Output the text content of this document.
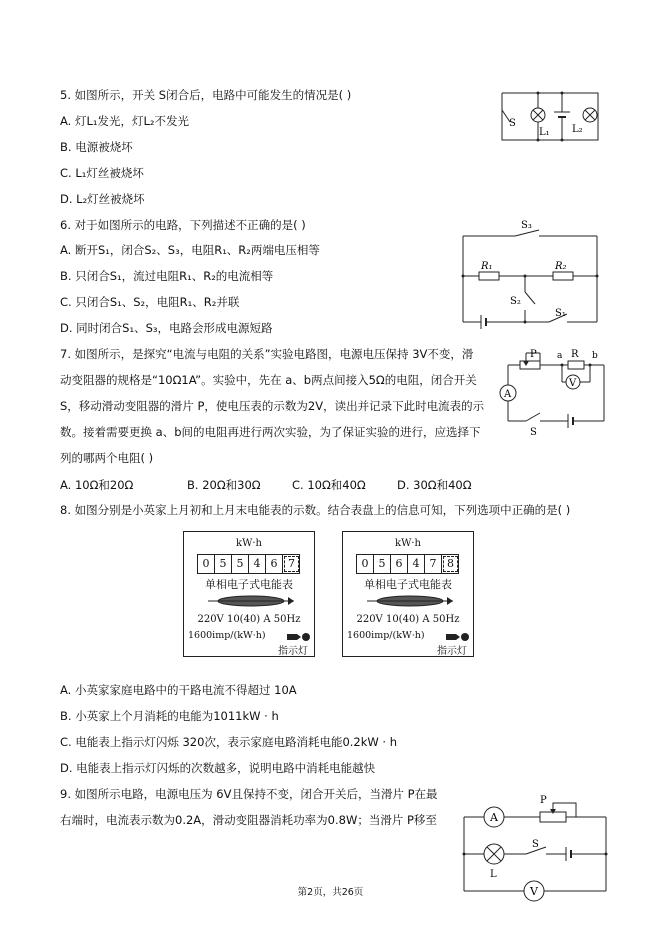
5. 如图所示，开关 S闭合后，电路中可能发生的情况是( )
A. 灯L₁发光，灯L₂不发光
B. 电源被烧坏
C. L₁灯丝被烧坏
D. L₂灯丝被烧坏
S
L₁ L₂
6. 对于如图所示的电路，下列描述不正确的是( )
A. 断开S₁，闭合S₂、S₃，电阻R₁、R₂两端电压相等
B. 只闭合S₁，流过电阻R₁、R₂的电流相等
C. 只闭合S₁、S₂，电阻R₁、R₂并联
D. 同时闭合S₁、S₃，电路会形成电源短路
S₃
R₁	R₂
S₂
S₁
7. 如图所示，是探究“电流与电阻的关系”实验电路图，电源电压保持 3V不变，滑
动变阻器的规格是“10Ω1A”。实验中，先在 a、b两点间接入5Ω的电阻，闭合开关
S，移动滑动变阻器的滑片 P，使电压表的示数为2V，读出并记录下此时电流表的示
数。接着需要更换 a、b间的电阻再进行两次实验，为了保证实验的进行，应选择下
列的哪两个电阻( )
A. 10Ω和20Ω	B. 20Ω和30Ω	C. 10Ω和40Ω	D. 30Ω和40Ω
P a R b
A
V
S
8. 如图分别是小英家上月初和上月末电能表的示数。结合表盘上的信息可知，下列选项中正确的是( )
kW·h
0 5 5 4 6 7
单相电子式电能表
220V 10(40) A 50Hz
1600imp/(kW·h)
指示灯
kW·h
0 5 6 4 7 8
单相电子式电能表
220V 10(40) A 50Hz
1600imp/(kW·h)
指示灯
A. 小英家家庭电路中的干路电流不得超过 10A
B. 小英家上个月消耗的电能为1011kW · h
C. 电能表上指示灯闪烁 320次，表示家庭电路消耗电能0.2kW · h
D. 电能表上指示灯闪烁的次数越多，说明电路中消耗电能越快
9. 如图所示电路，电源电压为 6V且保持不变，闭合开关后，当滑片 P在最
右端时，电流表示数为0.2A，滑动变阻器消耗功率为0.8W；当滑片 P移至	A
P
L
S
V
第2页，共26页
